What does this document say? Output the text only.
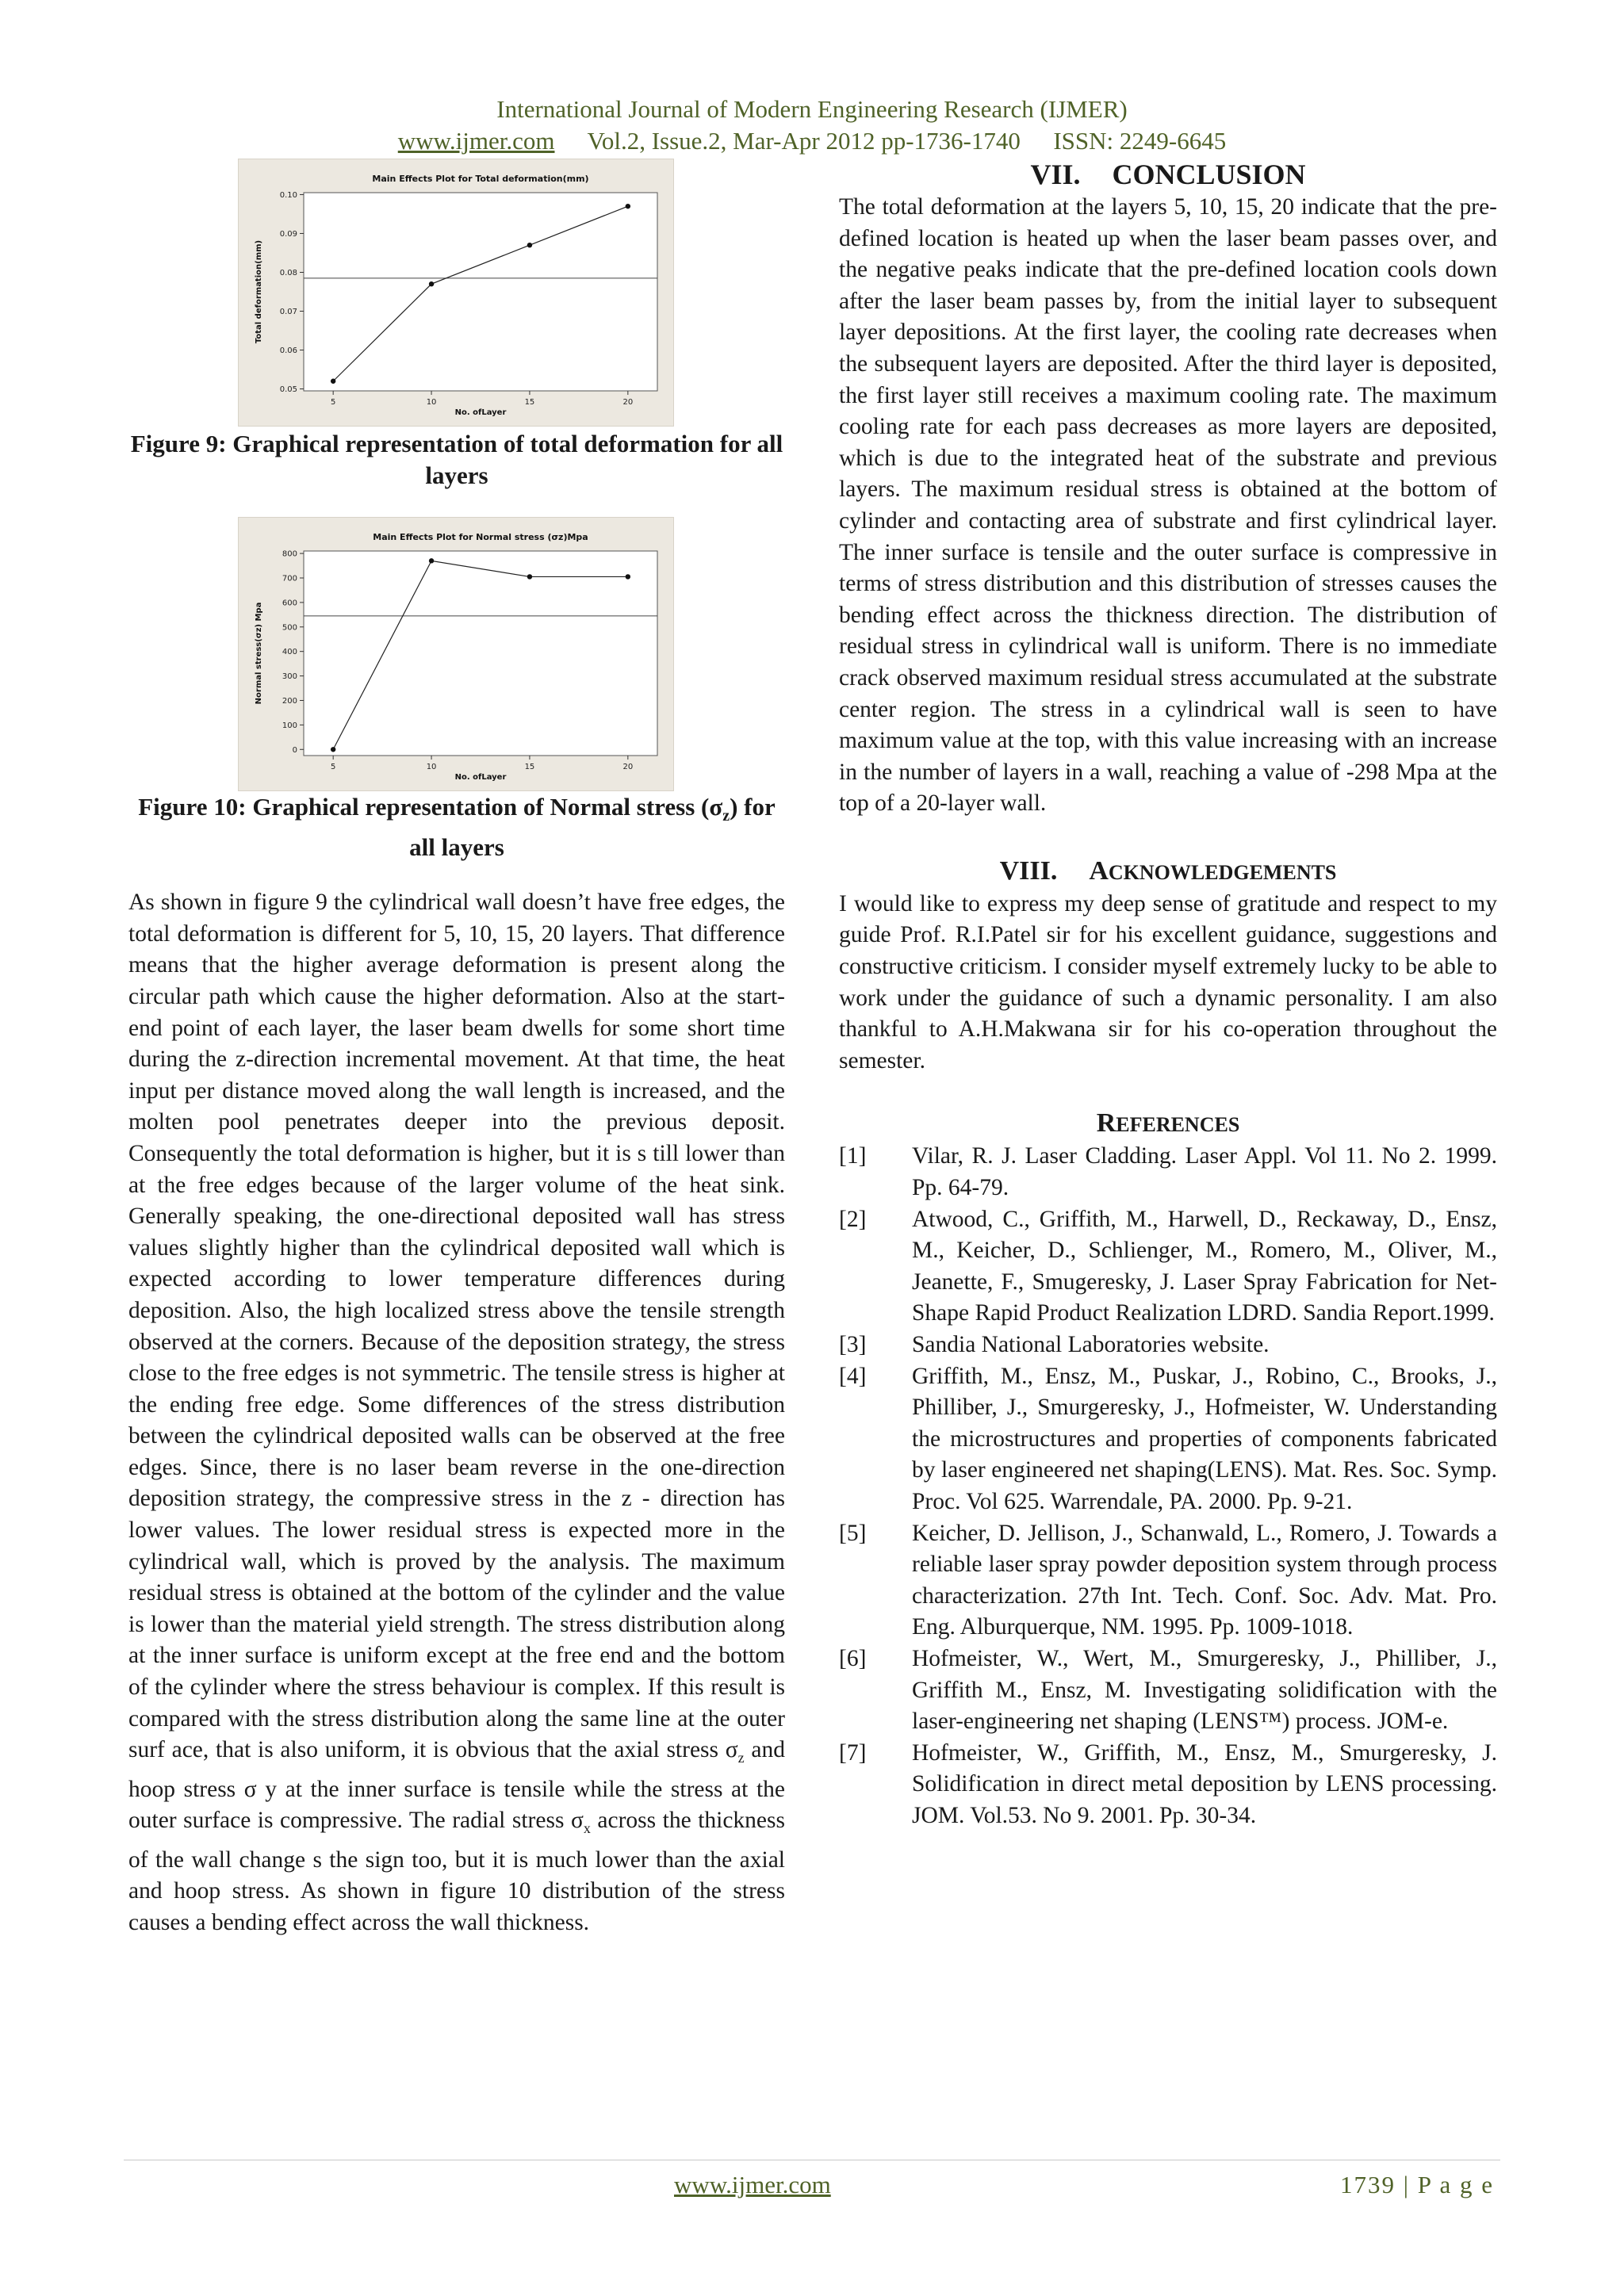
International Journal of Modern Engineering Research (IJMER)
www.ijmer.com Vol.2, Issue.2, Mar-Apr 2012 pp-1736-1740 ISSN: 2249-6645
Main Effects Plot for Total deformation(mm)
0.05
0.06
0.07
0.08
0.09
0.10
5	10	15	20
No. ofLayer
Total deformation(mm)
Figure 9: Graphical representation of total deformation for all layers
Main Effects Plot for Normal stress (σz)Mpa
0
100
200
300
400
500
600
700
800
5	10	15	20
No. ofLayer
Normal stress(σz) Mpa
Figure 10: Graphical representation of Normal stress $(\sigma_z)$ for all layers

As shown in figure 9 the cylindrical wall doesn’t have free edges, the total deformation is different for 5, 10, 15, 20 layers. That difference means that the higher average deformation is present along the circular path which cause the higher deformation. Also at the start-end point of each layer, the laser beam dwells for some short time during the z-direction incremental movement. At that time, the heat input per distance moved along the wall length is increased, and the molten pool penetrates deeper into the previous deposit. Consequently the total deformation is higher, but it is s till lower than at the free edges because of the larger volume of the heat sink. Generally speaking, the one-directional deposited wall has stress values slightly higher than the cylindrical deposited wall which is expected according to lower temperature differences during deposition. Also, the high localized stress above the tensile strength observed at the corners. Because of the deposition strategy, the stress close to the free edges is not symmetric. The tensile stress is higher at the ending free edge. Some differences of the stress distribution between the cylindrical deposited walls can be observed at the free edges. Since, there is no laser beam reverse in the one-direction deposition strategy, the compressive stress in the z - direction has lower values. The lower residual stress is expected more in the cylindrical wall, which is proved by the analysis. The maximum residual stress is obtained at the bottom of the cylinder and the value is lower than the material yield strength. The stress distribution along at the inner surface is uniform except at the free end and the bottom of the cylinder where the stress behaviour is complex. If this result is compared with the stress distribution along the same line at the outer surf ace, that is also uniform, it is obvious that the axial stress $\sigma_z$ and hoop stress σ y at the inner surface is tensile while the stress at the outer surface is compressive. The radial stress $\sigma_x$ across the thickness of the wall change s the sign too, but it is much lower than the axial and hoop stress. As shown in figure 10 distribution of the stress causes a bending effect across the wall thickness.

VII. CONCLUSION

The total deformation at the layers 5, 10, 15, 20 indicate that the pre-defined location is heated up when the laser beam passes over, and the negative peaks indicate that the pre-defined location cools down after the laser beam passes by, from the initial layer to subsequent layer depositions. At the first layer, the cooling rate decreases when the subsequent layers are deposited. After the third layer is deposited, the first layer still receives a maximum cooling rate. The maximum cooling rate for each pass decreases as more layers are deposited, which is due to the integrated heat of the substrate and previous layers. The maximum residual stress is obtained at the bottom of cylinder and contacting area of substrate and first cylindrical layer. The inner surface is tensile and the outer surface is compressive in terms of stress distribution and this distribution of stresses causes the bending effect across the thickness direction. The distribution of residual stress in cylindrical wall is uniform. There is no immediate crack observed maximum residual stress accumulated at the substrate center region. The stress in a cylindrical wall is seen to have maximum value at the top, with this value increasing with an increase in the number of layers in a wall, reaching a value of -298 Mpa at the top of a 20-layer wall.

VIII. ACKNOWLEDGEMENTS

I would like to express my deep sense of gratitude and respect to my guide Prof. R.I.Patel sir for his excellent guidance, suggestions and constructive criticism. I consider myself extremely lucky to be able to work under the guidance of such a dynamic personality. I am also thankful to A.H.Makwana sir for his co-operation throughout the semester.

REFERENCES
[1]	Vilar, R. J. Laser Cladding. Laser Appl. Vol 11. No 2. 1999. Pp. 64-79.
[2]	Atwood, C., Griffith, M., Harwell, D., Reckaway, D., Ensz, M., Keicher, D., Schlienger, M., Romero, M., Oliver, M., Jeanette, F., Smugeresky, J. Laser Spray Fabrication for Net-Shape Rapid Product Realization LDRD. Sandia Report.1999.
[3]	Sandia National Laboratories website.
[4]	Griffith, M., Ensz, M., Puskar, J., Robino, C., Brooks, J., Philliber, J., Smurgeresky, J., Hofmeister, W. Understanding the microstructures and properties of components fabricated by laser engineered net shaping(LENS). Mat. Res. Soc. Symp. Proc. Vol 625. Warrendale, PA. 2000. Pp. 9-21.
[5]	Keicher, D. Jellison, J., Schanwald, L., Romero, J. Towards a reliable laser spray powder deposition system through process characterization. 27th Int. Tech. Conf. Soc. Adv. Mat. Pro. Eng. Alburquerque, NM. 1995. Pp. 1009-1018.
[6]	Hofmeister, W., Wert, M., Smurgeresky, J., Philliber, J., Griffith M., Ensz, M. Investigating solidification with the laser-engineering net shaping (LENS™) process. JOM-e.
[7]	Hofmeister, W., Griffith, M., Ensz, M., Smurgeresky, J. Solidification in direct metal deposition by LENS processing. JOM. Vol.53. No 9. 2001. Pp. 30-34.
www.ijmer.com	1739 | P a g e
